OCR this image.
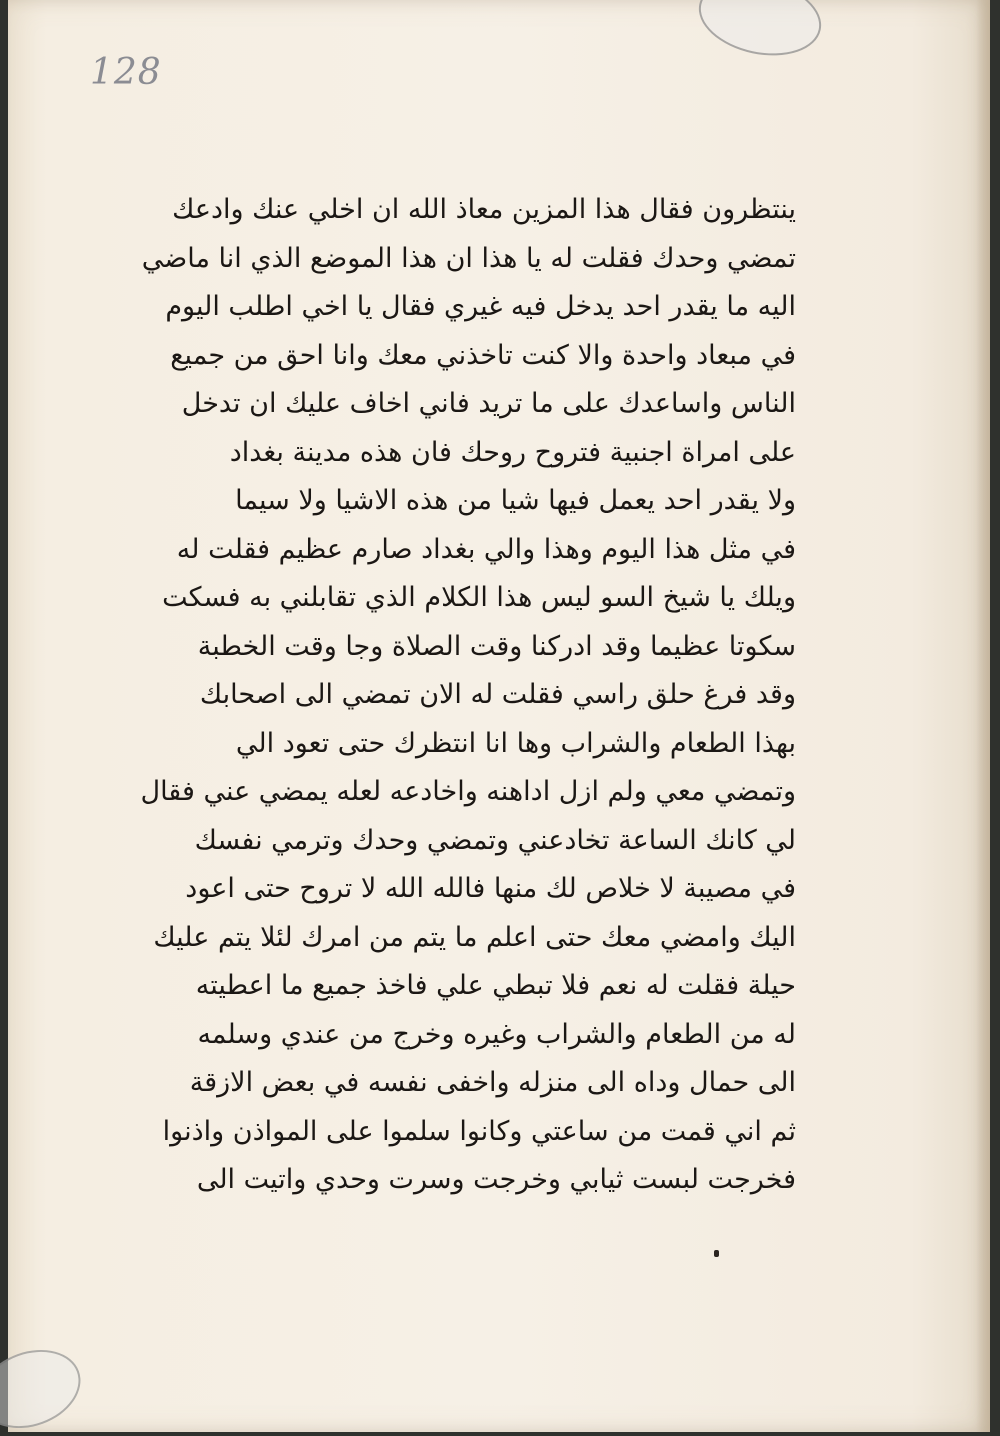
128
ينتظرون فقال هذا المزين معاذ الله ان اخلي عنك وادعك
تمضي وحدك فقلت له يا هذا ان هذا الموضع الذي انا ماضي
اليه ما يقدر احد يدخل فيه غيري فقال يا اخي اطلب اليوم
في مبعاد واحدة والا كنت تاخذني معك وانا احق من جميع
الناس واساعدك على ما تريد فاني اخاف عليك ان تدخل
على امراة اجنبية فتروح روحك فان هذه مدينة بغداد
ولا يقدر احد يعمل فيها شيا من هذه الاشيا ولا سيما
في مثل هذا اليوم وهذا والي بغداد صارم عظيم فقلت له
ويلك يا شيخ السو ليس هذا الكلام الذي تقابلني به فسكت
سكوتا عظيما وقد ادركنا وقت الصلاة وجا وقت الخطبة
وقد فرغ حلق راسي فقلت له الان تمضي الى اصحابك
بهذا الطعام والشراب وها انا انتظرك حتى تعود الي
وتمضي معي ولم ازل اداهنه واخادعه لعله يمضي عني فقال
لي كانك الساعة تخادعني وتمضي وحدك وترمي نفسك
في مصيبة لا خلاص لك منها فالله الله لا تروح حتى اعود
اليك وامضي معك حتى اعلم ما يتم من امرك لئلا يتم عليك
حيلة فقلت له نعم فلا تبطي علي فاخذ جميع ما اعطيته
له من الطعام والشراب وغيره وخرج من عندي وسلمه
الى حمال وداه الى منزله واخفى نفسه في بعض الازقة
ثم اني قمت من ساعتي وكانوا سلموا على المواذن واذنوا
فخرجت لبست ثيابي وخرجت وسرت وحدي واتيت الى
